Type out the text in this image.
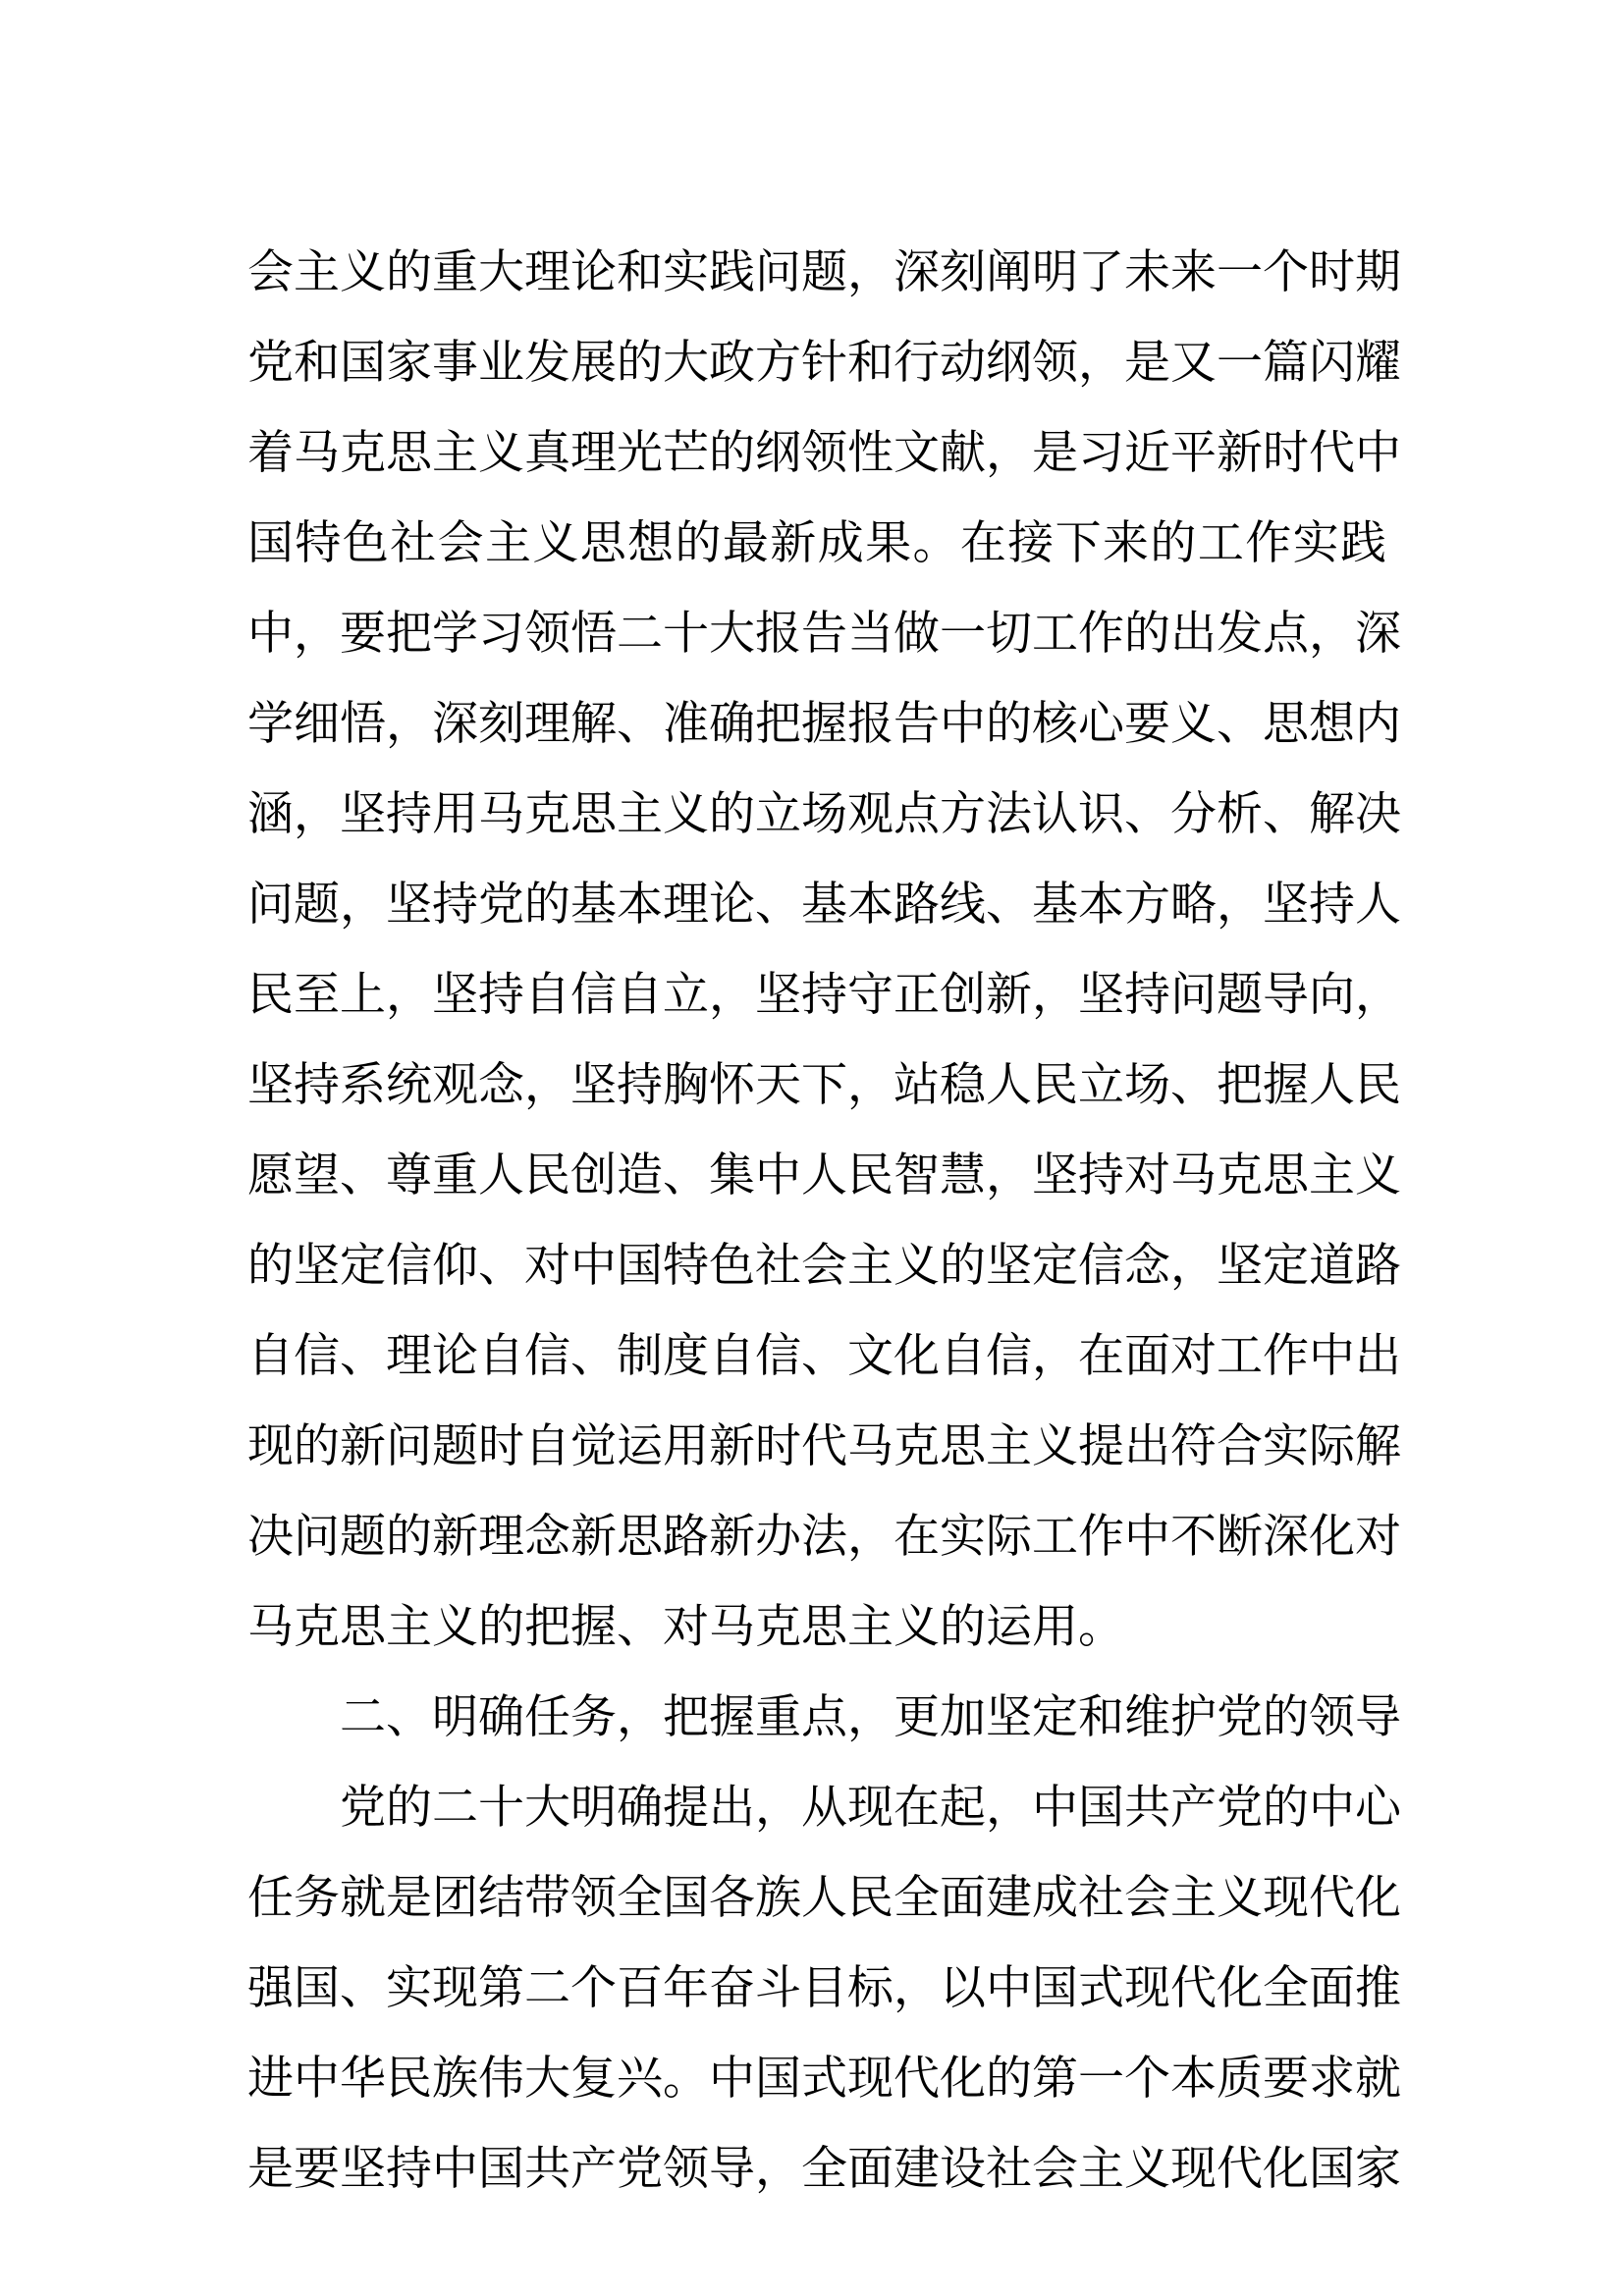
会主义的重大理论和实践问题，深刻阐明了未来一个时期
党和国家事业发展的大政方针和行动纲领，是又一篇闪耀
着马克思主义真理光芒的纲领性文献，是习近平新时代中
国特色社会主义思想的最新成果。在接下来的工作实践
中，要把学习领悟二十大报告当做一切工作的出发点，深
学细悟，深刻理解、准确把握报告中的核心要义、思想内
涵，坚持用马克思主义的立场观点方法认识、分析、解决
问题，坚持党的基本理论、基本路线、基本方略，坚持人
民至上，坚持自信自立，坚持守正创新，坚持问题导向，
坚持系统观念，坚持胸怀天下，站稳人民立场、把握人民
愿望、尊重人民创造、集中人民智慧，坚持对马克思主义
的坚定信仰、对中国特色社会主义的坚定信念，坚定道路
自信、理论自信、制度自信、文化自信，在面对工作中出
现的新问题时自觉运用新时代马克思主义提出符合实际解
决问题的新理念新思路新办法，在实际工作中不断深化对
马克思主义的把握、对马克思主义的运用。
二、明确任务，把握重点，更加坚定和维护党的领导
党的二十大明确提出，从现在起，中国共产党的中心
任务就是团结带领全国各族人民全面建成社会主义现代化
强国、实现第二个百年奋斗目标，以中国式现代化全面推
进中华民族伟大复兴。中国式现代化的第一个本质要求就
是要坚持中国共产党领导，全面建设社会主义现代化国家
